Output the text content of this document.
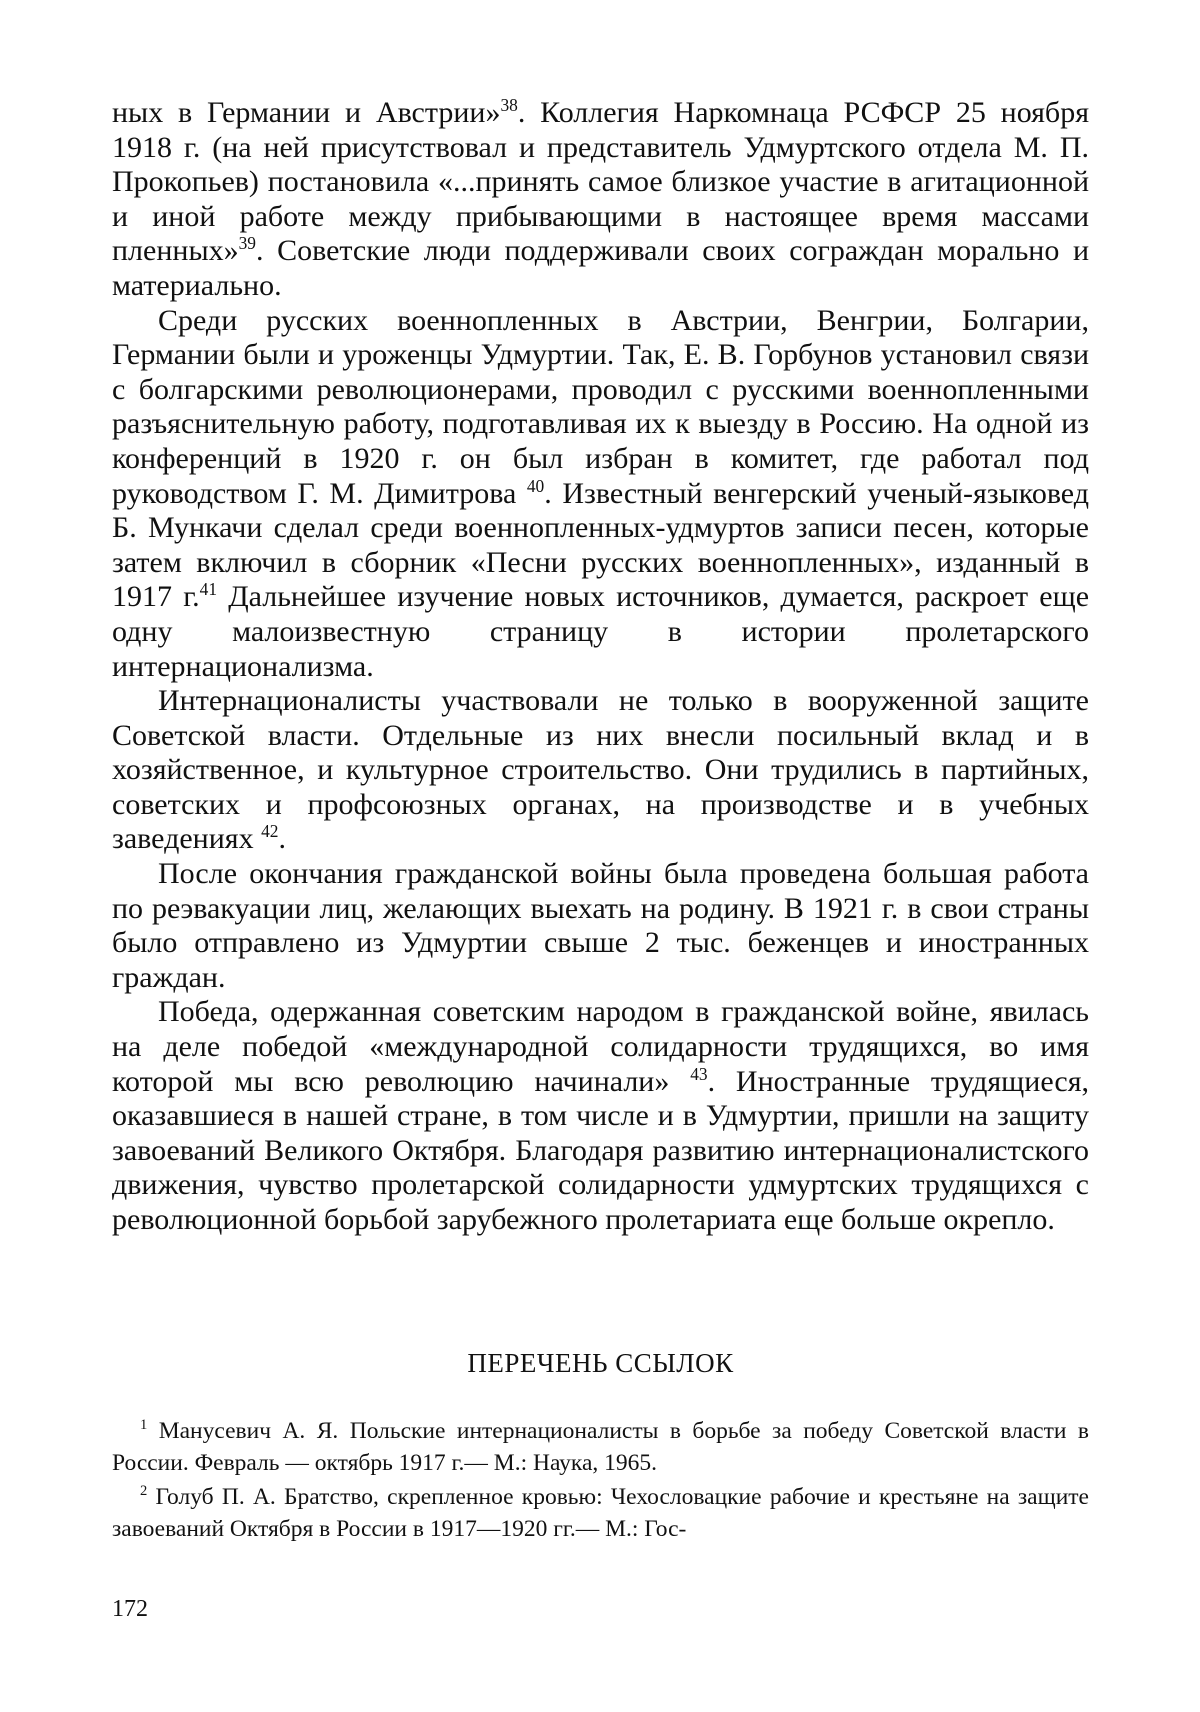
ных в Германии и Австрии»$^{38}$. Коллегия Наркомнаца РСФСР 25 ноября 1918 г. (на ней присутствовал и представитель Удмуртского отдела М. П. Прокопьев) постановила «...принять самое близкое участие в агитационной и иной работе между прибывающими в настоящее время массами пленных»$^{39}$. Советские люди поддерживали своих сограждан морально и материально.

Среди русских военнопленных в Австрии, Венгрии, Болгарии, Германии были и уроженцы Удмуртии. Так, Е. В. Горбунов установил связи с болгарскими революционерами, проводил с русскими военнопленными разъяснительную работу, подготавливая их к выезду в Россию. На одной из конференций в 1920 г. он был избран в комитет, где работал под руководством Г. М. Димитрова $^{40}$. Известный венгерский ученый-языковед Б. Мункачи сделал среди военнопленных-удмуртов записи песен, которые затем включил в сборник «Песни русских военнопленных», изданный в 1917 г.$^{41}$ Дальнейшее изучение новых источников, думается, раскроет еще одну малоизвестную страницу в истории пролетарского интернационализма.

Интернационалисты участвовали не только в вооруженной защите Советской власти. Отдельные из них внесли посильный вклад и в хозяйственное, и культурное строительство. Они трудились в партийных, советских и профсоюзных органах, на производстве и в учебных заведениях $^{42}$.

После окончания гражданской войны была проведена большая работа по реэвакуации лиц, желающих выехать на родину. В 1921 г. в свои страны было отправлено из Удмуртии свыше 2 тыс. беженцев и иностранных граждан.

Победа, одержанная советским народом в гражданской войне, явилась на деле победой «международной солидарности трудящихся, во имя которой мы всю революцию начинали» $^{43}$. Иностранные трудящиеся, оказавшиеся в нашей стране, в том числе и в Удмуртии, пришли на защиту завоеваний Великого Октября. Благодаря развитию интернационалистского движения, чувство пролетарской солидарности удмуртских трудящихся с революционной борьбой зарубежного пролетариата еще больше окрепло.

ПЕРЕЧЕНЬ ССЫЛОК

$^1$ Манусевич А. Я. Польские интернационалисты в борьбе за победу Советской власти в России. Февраль — октябрь 1917 г.— М.: Наука, 1965.

$^2$ Голуб П. А. Братство, скрепленное кровью: Чехословацкие рабочие и крестьяне на защите завоеваний Октября в России в 1917—1920 гг.— М.: Гос-

172
